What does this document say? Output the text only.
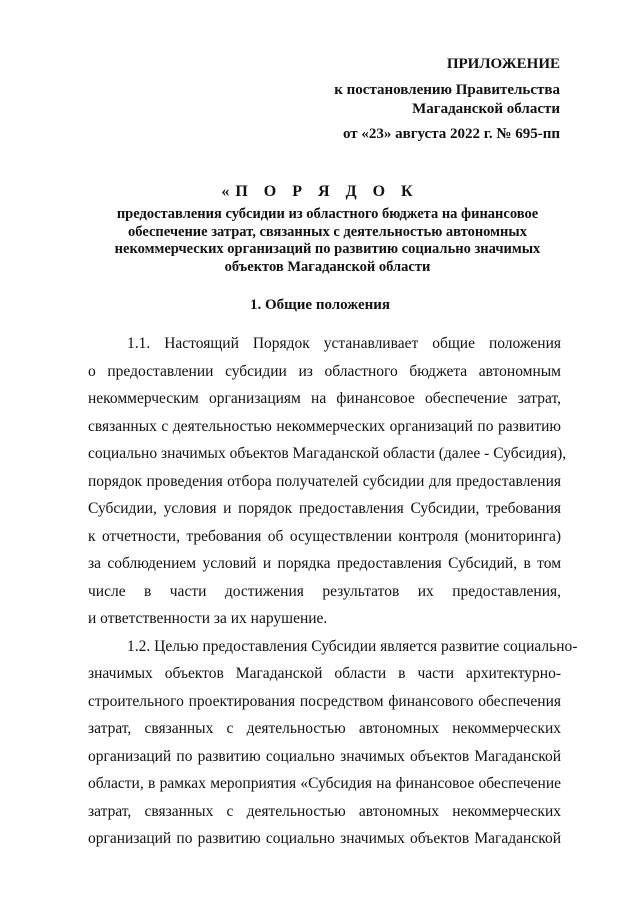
ПРИЛОЖЕНИЕ
к постановлению Правительства
Магаданской области
от «23» августа 2022 г. № 695-пп
«П О Р Я Д О К
предоставления субсидии из областного бюджета на финансовое
обеспечение затрат, связанных с деятельностью автономных
некоммерческих организаций по развитию социально значимых
объектов Магаданской области
1. Общие положения
1.1. Настоящий Порядок устанавливает общие положения
о предоставлении субсидии из областного бюджета автономным
некоммерческим организациям на финансовое обеспечение затрат,
связанных с деятельностью некоммерческих организаций по развитию
социально значимых объектов Магаданской области (далее - Субсидия),
порядок проведения отбора получателей субсидии для предоставления
Субсидии, условия и порядок предоставления Субсидии, требования
к отчетности, требования об осуществлении контроля (мониторинга)
за соблюдением условий и порядка предоставления Субсидий, в том
числе в части достижения результатов их предоставления,
и ответственности за их нарушение.
1.2. Целью предоставления Субсидии является развитие социально-
значимых объектов Магаданской области в части архитектурно-
строительного проектирования посредством финансового обеспечения
затрат, связанных с деятельностью автономных некоммерческих
организаций по развитию социально значимых объектов Магаданской
области, в рамках мероприятия «Субсидия на финансовое обеспечение
затрат, связанных с деятельностью автономных некоммерческих
организаций по развитию социально значимых объектов Магаданской
